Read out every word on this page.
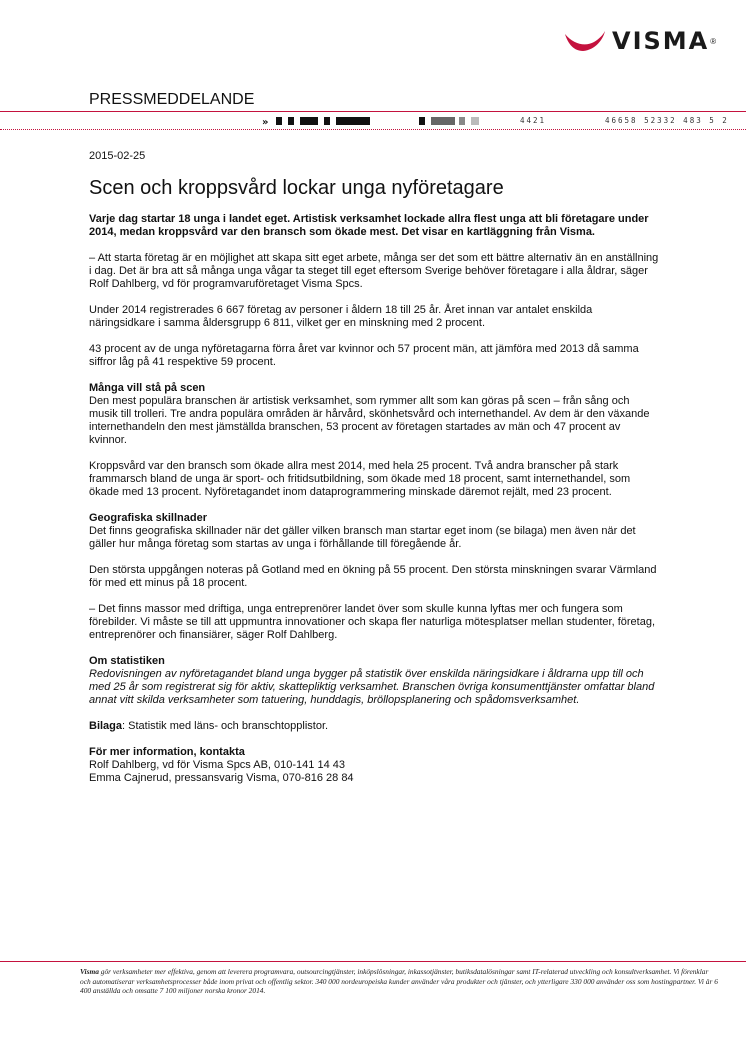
VISMA ®
PRESSMEDDELANDE
»	4421	46658 52332 483 5 2

2015-02-25

Scen och kroppsvård lockar unga nyföretagare

Varje dag startar 18 unga i landet eget. Artistisk verksamhet lockade allra flest unga att bli företagare under 2014, medan kroppsvård var den bransch som ökade mest. Det visar en kartläggning från Visma.

– Att starta företag är en möjlighet att skapa sitt eget arbete, många ser det som ett bättre alternativ än en anställning i dag. Det är bra att så många unga vågar ta steget till eget eftersom Sverige behöver företagare i alla åldrar, säger Rolf Dahlberg, vd för programvaruföretaget Visma Spcs.

Under 2014 registrerades 6 667 företag av personer i åldern 18 till 25 år. Året innan var antalet enskilda näringsidkare i samma åldersgrupp 6 811, vilket ger en minskning med 2 procent.

43 procent av de unga nyföretagarna förra året var kvinnor och 57 procent män, att jämföra med 2013 då samma siffror låg på 41 respektive 59 procent.

Många vill stå på scen

Den mest populära branschen är artistisk verksamhet, som rymmer allt som kan göras på scen – från sång och musik till trolleri. Tre andra populära områden är hårvård, skönhetsvård och internethandel. Av dem är den växande internethandeln den mest jämställda branschen, 53 procent av företagen startades av män och 47 procent av kvinnor.

Kroppsvård var den bransch som ökade allra mest 2014, med hela 25 procent. Två andra branscher på stark frammarsch bland de unga är sport- och fritidsutbildning, som ökade med 18 procent, samt internethandel, som ökade med 13 procent. Nyföretagandet inom dataprogrammering minskade däremot rejält, med 23 procent.

Geografiska skillnader

Det finns geografiska skillnader när det gäller vilken bransch man startar eget inom (se bilaga) men även när det gäller hur många företag som startas av unga i förhållande till föregående år.

Den största uppgången noteras på Gotland med en ökning på 55 procent. Den största minskningen svarar Värmland för med ett minus på 18 procent.

– Det finns massor med driftiga, unga entreprenörer landet över som skulle kunna lyftas mer och fungera som förebilder. Vi måste se till att uppmuntra innovationer och skapa fler naturliga mötesplatser mellan studenter, företag, entreprenörer och finansiärer, säger Rolf Dahlberg.

Om statistiken

Redovisningen av nyföretagandet bland unga bygger på statistik över enskilda näringsidkare i åldrarna upp till och med 25 år som registrerat sig för aktiv, skattepliktig verksamhet. Branschen övriga konsumenttjänster omfattar bland annat vitt skilda verksamheter som tatuering, hunddagis, bröllopsplanering och spådomsverksamhet.

Bilaga: Statistik med läns- och branschtopplistor.

För mer information, kontakta
Rolf Dahlberg, vd för Visma Spcs AB, 010-141 14 43
Emma Cajnerud, pressansvarig Visma, 070-816 28 84
Visma gör verksamheter mer effektiva, genom att leverera programvara, outsourcingtjänster, inköpslösningar, inkassotjänster, butiksdatalösningar samt IT-relaterad utveckling och konsultverksamhet. Vi förenklar och automatiserar verksamhetsprocesser både inom privat och offentlig sektor. 340 000 nordeuropeiska kunder använder våra produkter och tjänster, och ytterligare 330 000 använder oss som hostingpartner. Vi är 6 400 anställda och omsatte 7 100 miljoner norska kronor 2014.
